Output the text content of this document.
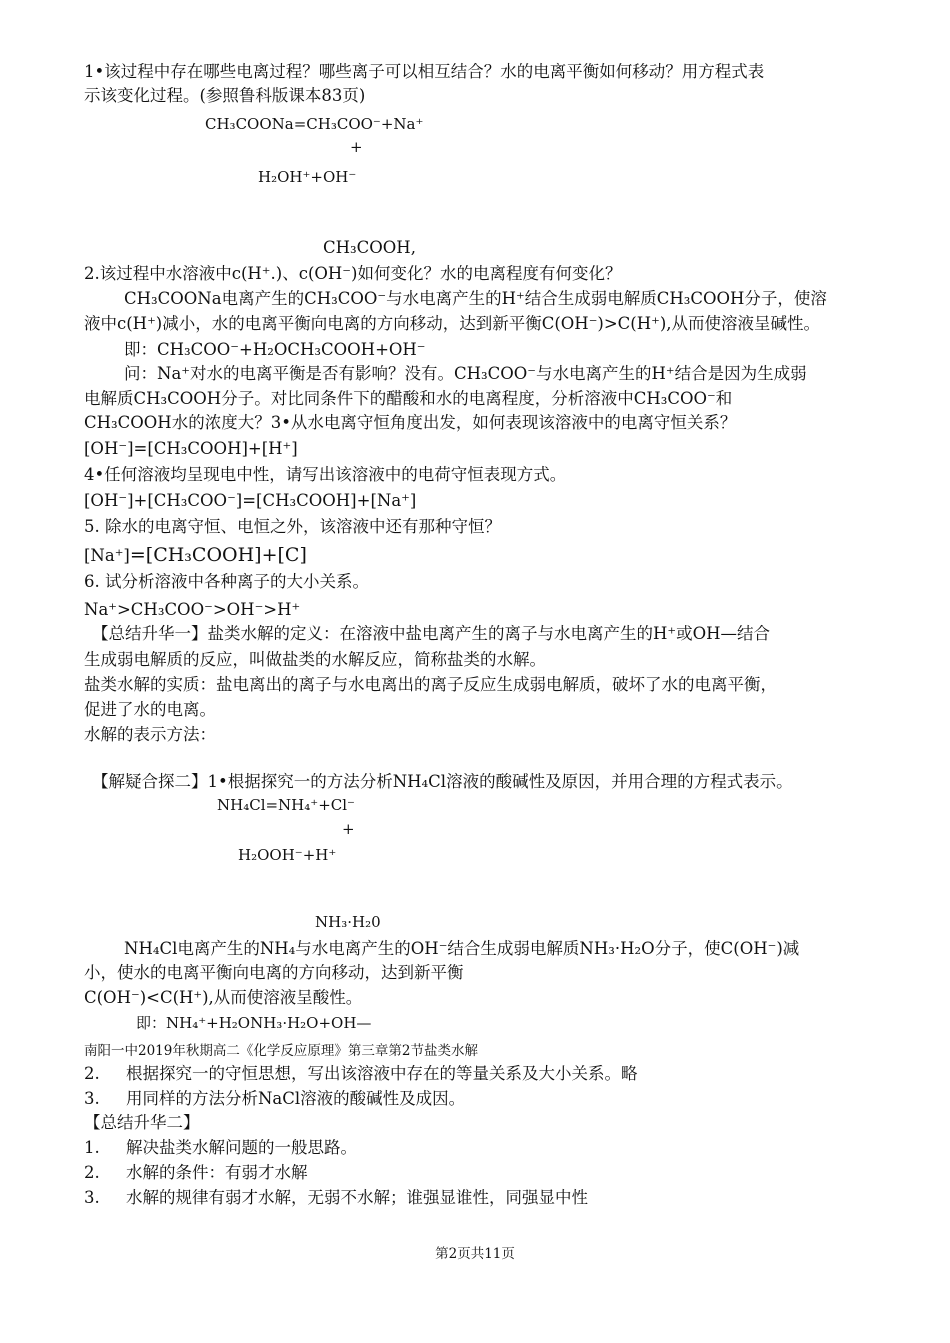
1•该过程中存在哪些电离过程？哪些离子可以相互结合？水的电离平衡如何移动？用方程式表
示该变化过程。(参照鲁科版课本83页)
CH₃COONa=CH₃COO⁻+Na⁺
+
H₂OH⁺+OH⁻
CH₃COOH,
2.该过程中水溶液中c(H⁺.)、c(OH⁻)如何变化？水的电离程度有何变化？
CH₃COONa电离产生的CH₃COO⁻与水电离产生的H⁺结合生成弱电解质CH₃COOH分子，使溶
液中c(H⁺)减小，水的电离平衡向电离的方向移动，达到新平衡C(OH⁻)>C(H⁺),从而使溶液呈碱性。
即：CH₃COO⁻+H₂OCH₃COOH+OH⁻
问：Na⁺对水的电离平衡是否有影响？没有。CH₃COO⁻与水电离产生的H⁺结合是因为生成弱
电解质CH₃COOH分子。对比同条件下的醋酸和水的电离程度，分析溶液中CH₃COO⁻和
CH₃COOH水的浓度大？3•从水电离守恒角度出发，如何表现该溶液中的电离守恒关系？
[OH⁻]=[CH₃COOH]+[H⁺]
4•任何溶液均呈现电中性，请写出该溶液中的电荷守恒表现方式。
[OH⁻]+[CH₃COO⁻]=[CH₃COOH]+[Na⁺]
5. 除水的电离守恒、电恒之外，该溶液中还有那种守恒？
[Na⁺]=[CH₃COOH]+[C]
6. 试分析溶液中各种离子的大小关系。
Na⁺>CH₃COO⁻>OH⁻>H⁺
【总结升华一】盐类水解的定义：在溶液中盐电离产生的离子与水电离产生的H⁺或OH—结合
生成弱电解质的反应，叫做盐类的水解反应，简称盐类的水解。
盐类水解的实质：盐电离出的离子与水电离出的离子反应生成弱电解质，破坏了水的电离平衡，
促进了水的电离。
水解的表示方法：
【解疑合探二】1•根据探究一的方法分析NH₄Cl溶液的酸碱性及原因，并用合理的方程式表示。
NH₄Cl=NH₄⁺+Cl⁻
+
H₂OOH⁻+H⁺
NH₃·H₂0
NH₄Cl电离产生的NH₄与水电离产生的OH⁻结合生成弱电解质NH₃·H₂O分子，使C(OH⁻)减
小，使水的电离平衡向电离的方向移动，达到新平衡
C(OH⁻)<C(H⁺),从而使溶液呈酸性。
即：NH₄⁺+H₂ONH₃·H₂O+OH—
南阳一中2019年秋期高二《化学反应原理》第三章第2节盐类水解
2.     根据探究一的守恒思想，写出该溶液中存在的等量关系及大小关系。略
3.     用同样的方法分析NaCl溶液的酸碱性及成因。
【总结升华二】
1.     解决盐类水解问题的一般思路。
2.     水解的条件：有弱才水解
3.     水解的规律有弱才水解，无弱不水解；谁强显谁性，同强显中性
第2页共11页
